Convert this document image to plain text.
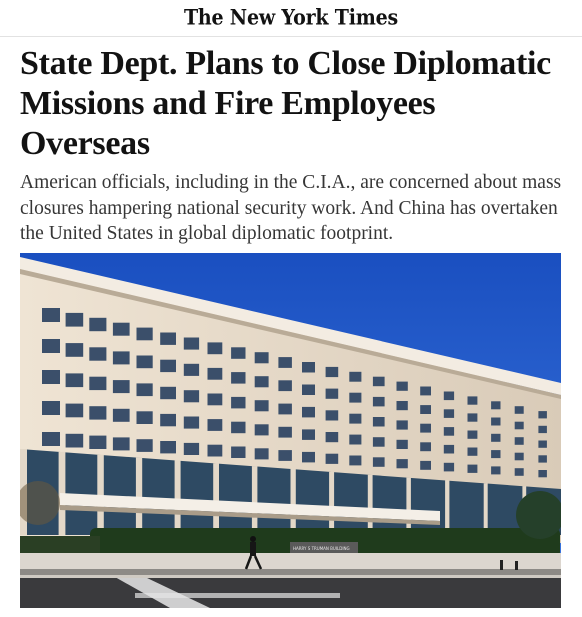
The New York Times
State Dept. Plans to Close Diplomatic Missions and Fire Employees Overseas

American officials, including in the C.I.A., are concerned about mass closures hampering national security work. And China has overtaken the United States in global diplomatic footprint.

HARRY S TRUMAN BUILDING
